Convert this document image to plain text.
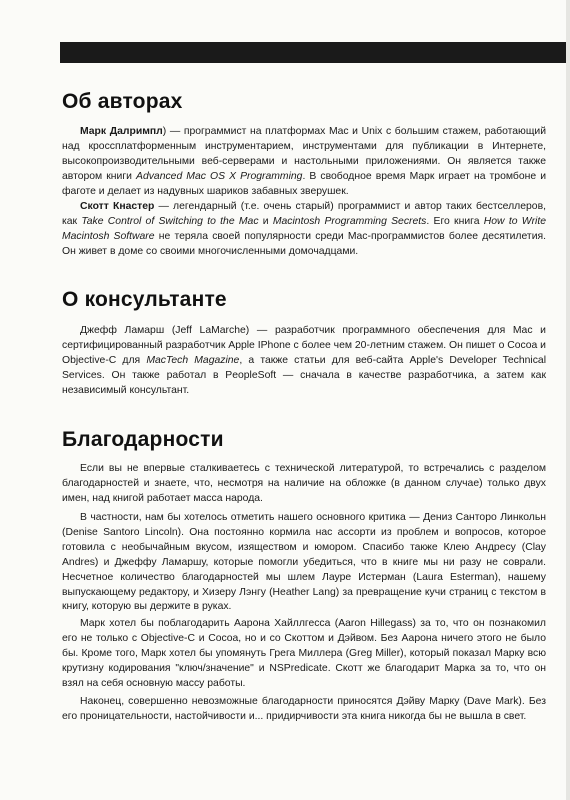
Об авторах

Марк Далримпл) — программист на платформах Mac и Unix с большим стажем, работающий над кроссплатформенным инструментарием, инструментами для публикации в Интернете, высокопроизводительными веб-серверами и настольными приложениями. Он является также автором книги Advanced Mac OS X Programming. В свободное время Марк играет на тромбоне и фаготе и делает из надувных шариков забавных зверушек.

Скотт Кнастер — легендарный (т.е. очень старый) программист и автор таких бестселлеров, как Take Control of Switching to the Mac и Macintosh Programming Secrets. Его книга How to Write Macintosh Software не теряла своей популярности среди Mac-программистов более десятилетия. Он живет в доме со своими многочисленными домочадцами.

О консультанте

Джефф Ламарш (Jeff LaMarche) — разработчик программного обеспечения для Mac и сертифицированный разработчик Apple IPhone с более чем 20-летним стажем. Он пишет о Cocoa и Objective-C для MacTech Magazine, а также статьи для веб-сайта Apple's Developer Technical Services. Он также работал в PeopleSoft — сначала в качестве разработчика, а затем как независимый консультант.

Благодарности

Если вы не впервые сталкиваетесь с технической литературой, то встречались с разделом благодарностей и знаете, что, несмотря на наличие на обложке (в данном случае) только двух имен, над книгой работает масса народа.

В частности, нам бы хотелось отметить нашего основного критика — Дениз Санторо Линкольн (Denise Santoro Lincoln). Она постоянно кормила нас ассорти из проблем и вопросов, которое готовила с необычайным вкусом, изяществом и юмором. Спасибо также Клею Андресу (Clay Andres) и Джеффу Ламаршу, которые помогли убедиться, что в книге мы ни разу не соврали. Несчетное количество благодарностей мы шлем Лауре Истерман (Laura Esterman), нашему выпускающему редактору, и Хизеру Лэнгу (Heather Lang) за превращение кучи страниц с текстом в книгу, которую вы держите в руках.

Марк хотел бы поблагодарить Аарона Хайллгесса (Aaron Hillegass) за то, что он познакомил его не только с Objective-C и Cocoa, но и со Скоттом и Дэйвом. Без Аарона ничего этого не было бы. Кроме того, Марк хотел бы упомянуть Грега Миллера (Greg Miller), который показал Марку всю крутизну кодирования "ключ/значение" и NSPredicate. Скотт же благодарит Марка за то, что он взял на себя основную массу работы.

Наконец, совершенно невозможные благодарности приносятся Дэйву Марку (Dave Mark). Без его проницательности, настойчивости и... придирчивости эта книга никогда бы не вышла в свет.
